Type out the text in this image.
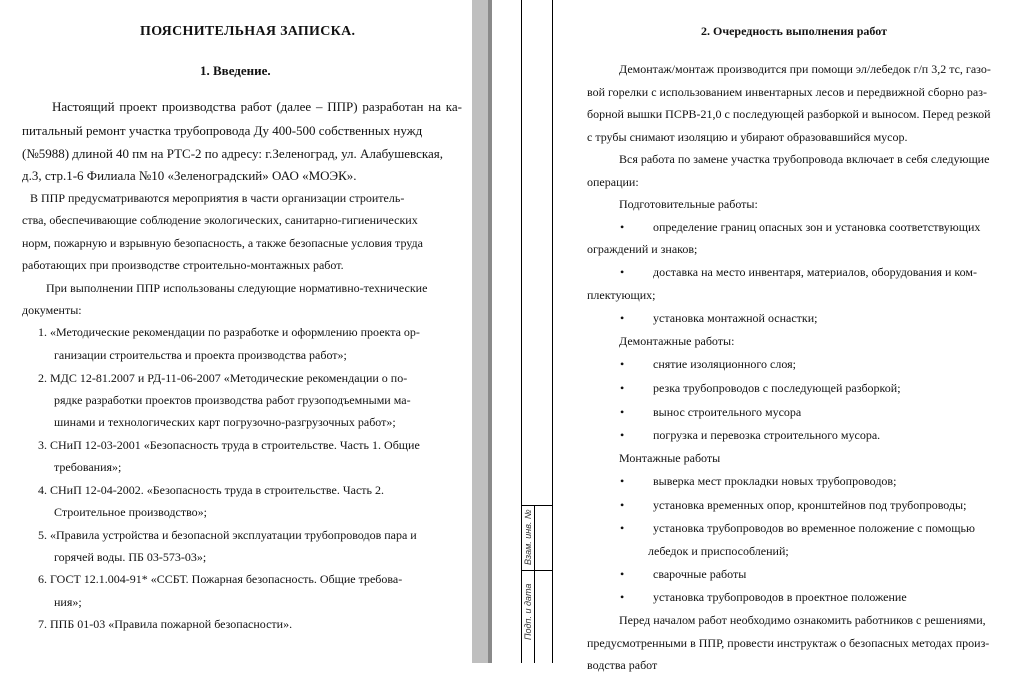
ПОЯСНИТЕЛЬНАЯ ЗАПИСКА.
1. Введение.
Настоящий проект производства работ (далее – ППР) разработан на ка-
питальный ремонт участка трубопровода Ду 400-500 собственных нужд
(№5988) длиной 40 пм на РТС-2 по адресу: г.Зеленоград, ул. Алабушевская,
д.3, стр.1-6 Филиала №10 «Зеленоградский» ОАО «МОЭК».
В ППР предусматриваются мероприятия в части организации строитель-
ства, обеспечивающие соблюдение экологических, санитарно-гигиенических
норм, пожарную и взрывную безопасность, а также безопасные условия труда
работающих при производстве строительно-монтажных работ.
При выполнении ППР использованы следующие нормативно-технические
документы:
1. «Методические рекомендации по разработке и оформлению проекта ор-
ганизации строительства и проекта производства работ»;
2. МДС 12-81.2007 и РД-11-06-2007 «Методические рекомендации о по-
рядке разработки проектов производства работ грузоподъемными ма-
шинами и технологических карт погрузочно-разгрузочных работ»;
3. СНиП 12-03-2001 «Безопасность труда в строительстве. Часть 1. Общие
требования»;
4. СНиП 12-04-2002. «Безопасность труда в строительстве. Часть 2.
Строительное производство»;
5. «Правила устройства и безопасной эксплуатации трубопроводов пара и
горячей воды. ПБ 03-573-03»;
6. ГОСТ 12.1.004-91* «ССБТ. Пожарная безопасность. Общие требова-
ния»;
7. ППБ 01-03 «Правила пожарной безопасности».
Взам. инв. №
Подп. и дата
2. Очередность выполнения работ
Демонтаж/монтаж производится при помощи эл/лебедок г/п 3,2 тс, газо-
вой горелки с использованием инвентарных лесов и передвижной сборно раз-
борной вышки ПСРВ-21,0 с последующей разборкой и выносом. Перед резкой
с трубы снимают изоляцию и убирают образовавшийся мусор.
Вся работа по замене участка трубопровода включает в себя следующие
операции:
Подготовительные работы:
• определение границ опасных зон и установка соответствующих
ограждений и знаков;
• доставка на место инвентаря, материалов, оборудования и ком-
плектующих;
• установка монтажной оснастки;
Демонтажные работы:
• снятие изоляционного слоя;
• резка трубопроводов с последующей разборкой;
• вынос строительного мусора
• погрузка и перевозка строительного мусора.
Монтажные работы
• выверка мест прокладки новых трубопроводов;
• установка временных опор, кронштейнов под трубопроводы;
• установка трубопроводов во временное положение с помощью
лебедок и приспособлений;
• сварочные работы
• установка трубопроводов в проектное положение
Перед началом работ необходимо ознакомить работников с решениями,
предусмотренными в ППР, провести инструктаж о безопасных методах произ-
водства работ
